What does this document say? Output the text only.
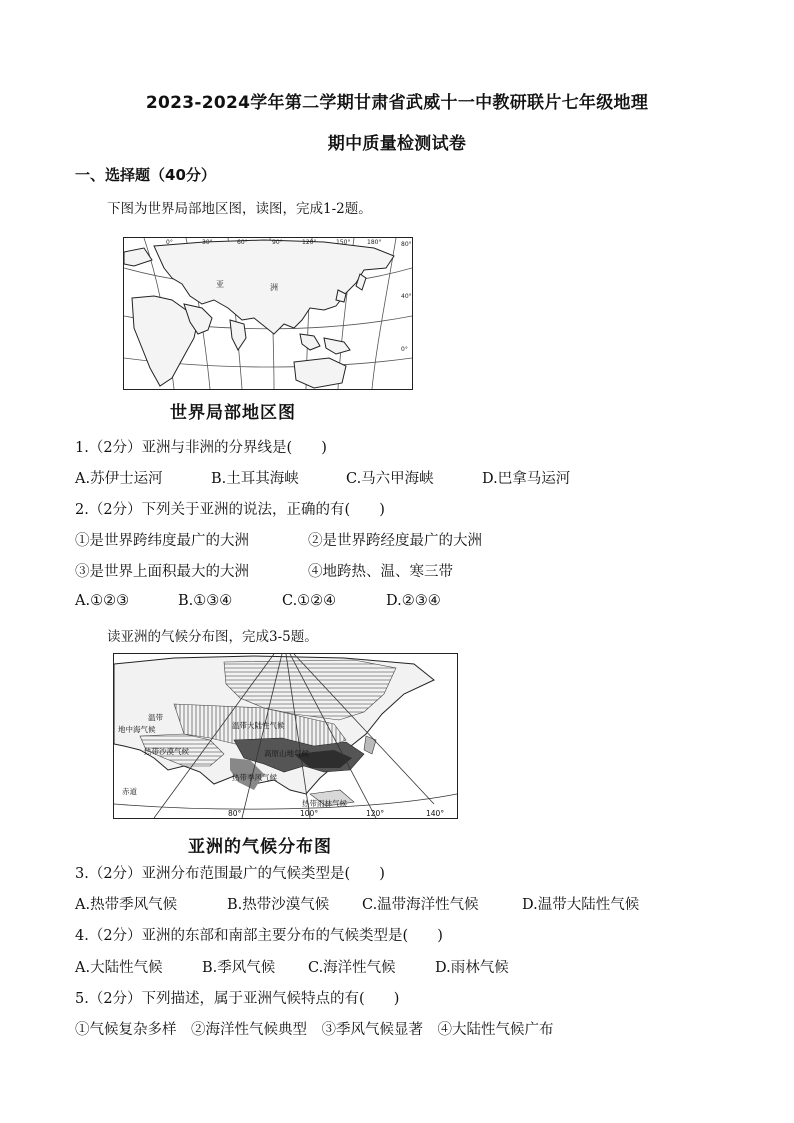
2023-2024学年第二学期甘肃省武威十一中教研联片七年级地理
期中质量检测试卷
一、选择题（40分）
下图为世界局部地区图，读图，完成1-2题。
0°	30°	60°	90°	120°	150°	180°	80°
40°
0°
亚	洲
世界局部地区图
1.（2分）亚洲与非洲的分界线是(　　)
A.苏伊士运河	B.土耳其海峡	C.马六甲海峡	D.巴拿马运河
2.（2分）下列关于亚洲的说法，正确的有(　　)
①是世界跨纬度最广的大洲	②是世界跨经度最广的大洲
③是世界上面积最大的大洲	④地跨热、温、寒三带
A.①②③	B.①③④	C.①②④	D.②③④
读亚洲的气候分布图，完成3-5题。
温带大陆性气候
高原山地气候
热带季风气候
热带雨林气候
温带
热带沙漠气候
地中海气候
赤道
80°	100°	120°	140°
亚洲的气候分布图
3.（2分）亚洲分布范围最广的气候类型是(　　)
A.热带季风气候	B.热带沙漠气候 C.温带海洋性气候	D.温带大陆性气候
4.（2分）亚洲的东部和南部主要分布的气候类型是(　　)
A.大陆性气候	B.季风气候 C.海洋性气候	D.雨林气候
5.（2分）下列描述，属于亚洲气候特点的有(　　)
①气候复杂多样　②海洋性气候典型　③季风气候显著　④大陆性气候广布
